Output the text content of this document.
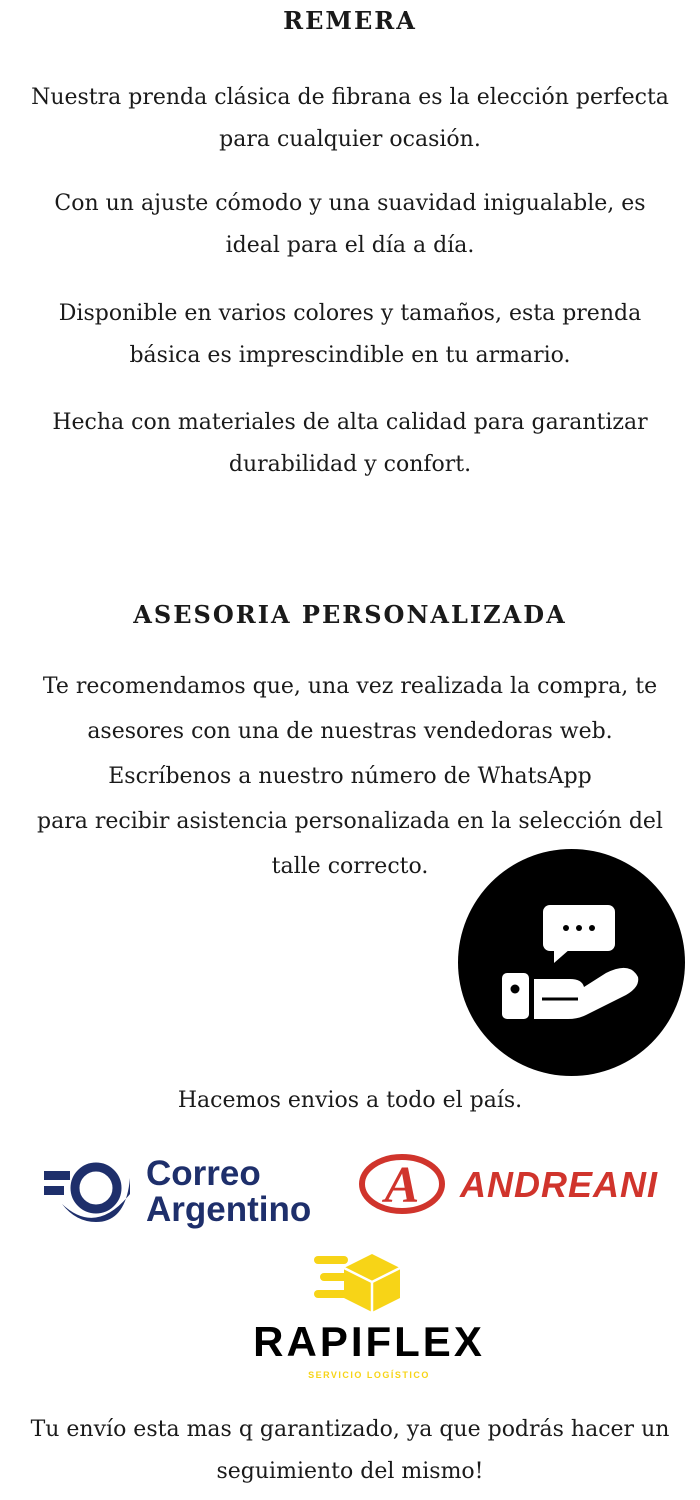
REMERA
Nuestra prenda clásica de fibrana es la elección perfecta
para cualquier ocasión.
Con un ajuste cómodo y una suavidad inigualable, es
ideal para el día a día.
Disponible en varios colores y tamaños, esta prenda
básica es imprescindible en tu armario.
Hecha con materiales de alta calidad para garantizar
durabilidad y confort.
ASESORIA PERSONALIZADA
Te recomendamos que, una vez realizada la compra, te
asesores con una de nuestras vendedoras web.
Escríbenos a nuestro número de WhatsApp
para recibir asistencia personalizada en la selección del
talle correcto.
Hacemos envios a todo el país.
Correo
Argentino A ANDREANI
RAPIFLEX
SERVICIO LOGÍSTICO
Tu envío esta mas q garantizado, ya que podrás hacer un
seguimiento del mismo!
